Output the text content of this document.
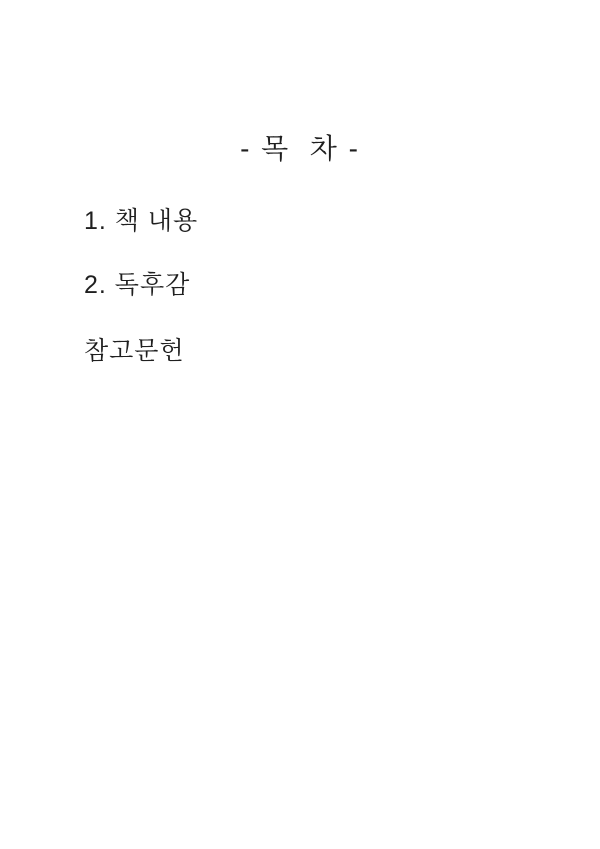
- 목  차 -
1. 책 내용
2. 독후감
참고문헌
